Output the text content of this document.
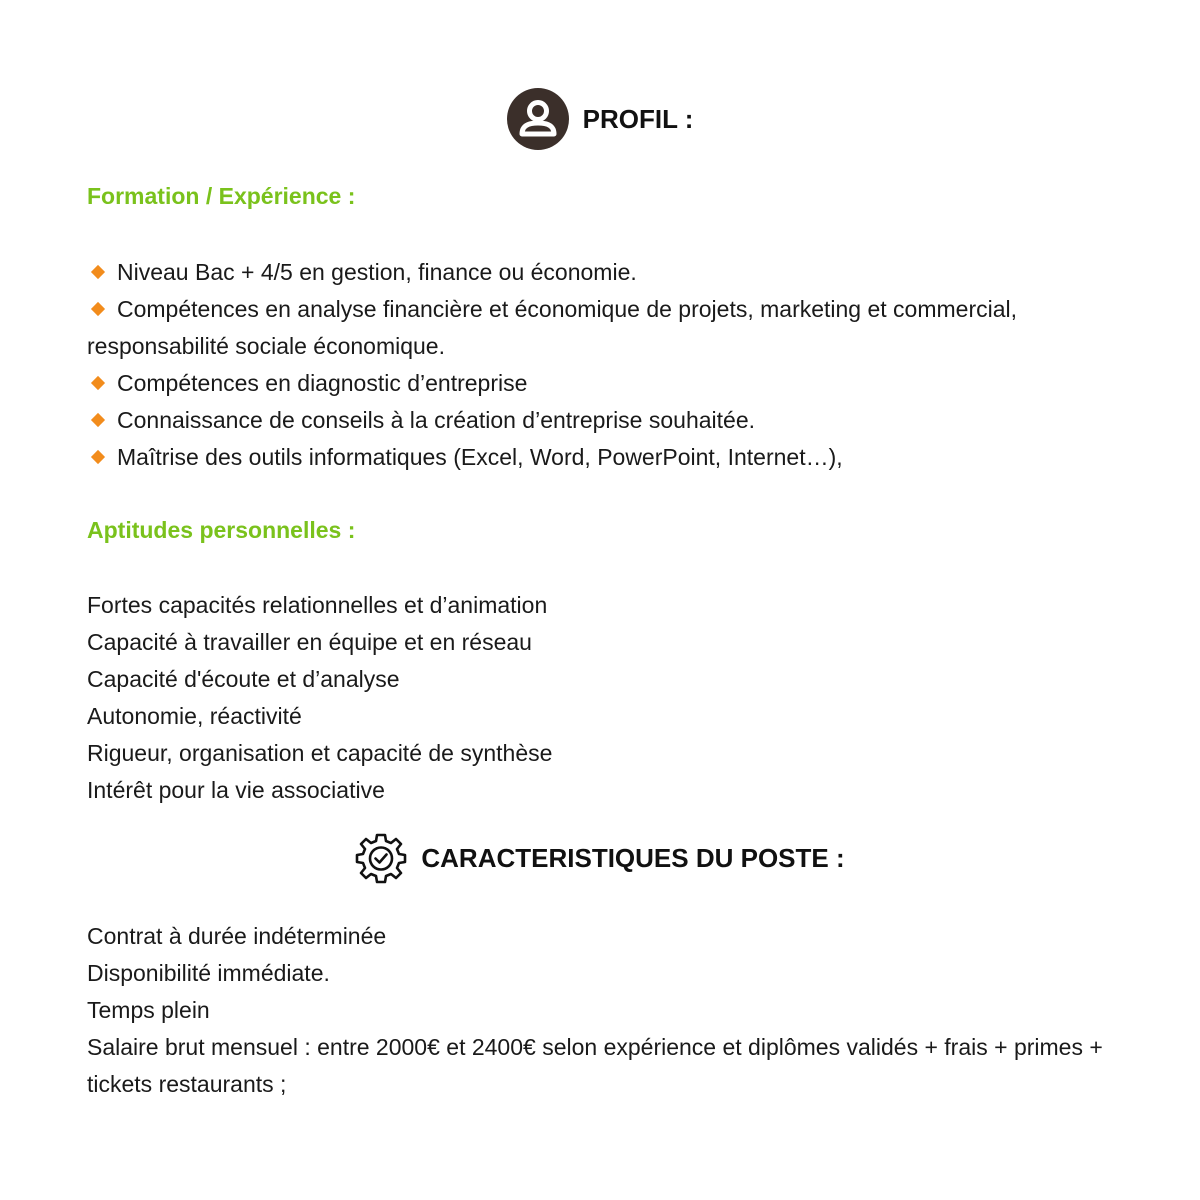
PROFIL :
Formation / Expérience :
Niveau Bac + 4/5 en gestion, finance ou économie.
Compétences en analyse financière et économique de projets, marketing et commercial, responsabilité sociale économique.
Compétences en diagnostic d’entreprise
Connaissance de conseils à la création d’entreprise souhaitée.
Maîtrise des outils informatiques (Excel, Word, PowerPoint, Internet…),
Aptitudes personnelles :
Fortes capacités relationnelles et d’animation
Capacité à travailler en équipe et en réseau
Capacité d'écoute et d’analyse
Autonomie, réactivité
Rigueur, organisation et capacité de synthèse
Intérêt pour la vie associative
CARACTERISTIQUES DU POSTE :
Contrat à durée indéterminée
Disponibilité immédiate.
Temps plein
Salaire brut mensuel : entre 2000€ et 2400€ selon expérience et diplômes validés + frais + primes + tickets restaurants ;
